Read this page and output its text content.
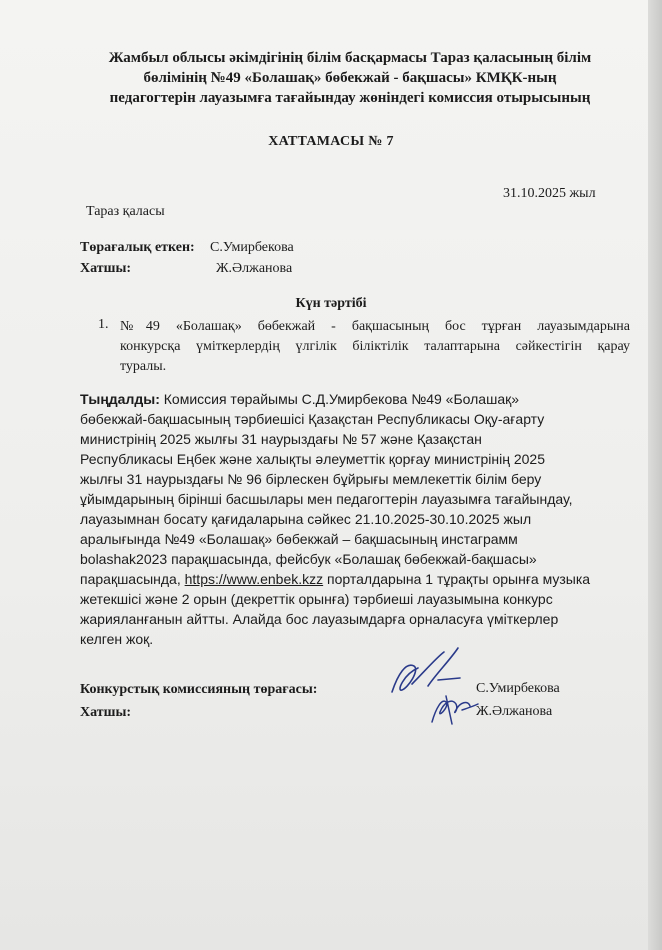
Жамбыл облысы әкімдігінің білім басқармасы Тараз қаласының білім
бөлімінің №49 «Болашақ» бөбекжай - бақшасы» КМҚК-ның
педагогтерін лауазымға тағайындау жөніндегі комиссия отырысының
ХАТТАМАСЫ № 7
31.10.2025 жыл
Тараз қаласы
Төрағалық еткен: С.Умирбекова
Хатшы:	Ж.Әлжанова
Күн тәртібі
1. №49 «Болашақ» бөбекжай - бақшасының бос тұрған лауазымдарына
конкурсқа үміткерлердің үлгілік біліктілік талаптарына сәйкестігін қарау
туралы.
Тыңдалды: Комиссия төрайымы С.Д.Умирбекова №49 «Болашақ»
бөбекжай-бақшасының тәрбиешісі Қазақстан Республикасы Оқу-ағарту
министрінің 2025 жылғы 31 наурыздағы № 57 және Қазақстан
Республикасы Еңбек және халықты әлеуметтік қорғау министрінің 2025
жылғы 31 наурыздағы № 96 бірлескен бұйрығы мемлекеттік білім беру
ұйымдарының бірінші басшылары мен педагогтерін лауазымға тағайындау,
лауазымнан босату қағидаларына сәйкес 21.10.2025-30.10.2025 жыл
аралығында №49 «Болашақ» бөбекжай – бақшасының инстаграмм
bolashak2023 парақшасында, фейсбук «Болашақ бөбекжай-бақшасы»
парақшасында, https://www.enbek.kzz порталдарына 1 тұрақты орынға музыка
жетекшісі және 2 орын (декреттік орынға) тәрбиеші лауазымына конкурс
жарияланғанын айтты. Алайда бос лауазымдарға орналасуға үміткерлер
келген жоқ.
Конкурстық комиссияның төрағасы:
Хатшы:
С.Умирбекова
Ж.Әлжанова
